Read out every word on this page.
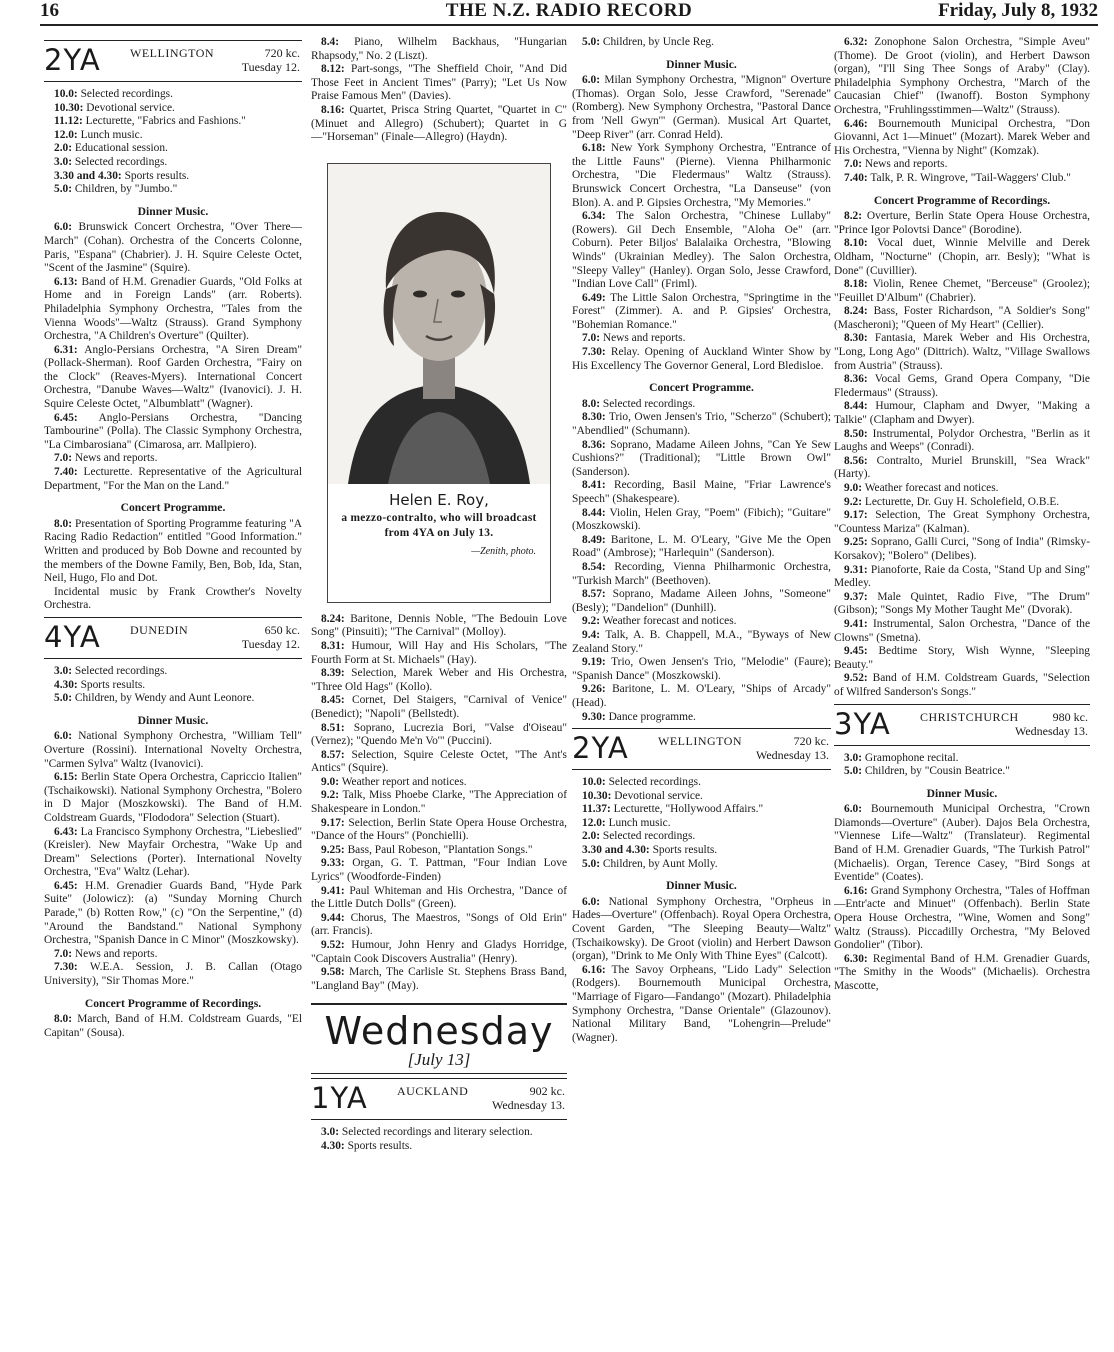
16	THE N.Z. RADIO RECORD	Friday, July 8, 1932
2YA WELLINGTON	720 kc.
Tuesday 12.

10.0: Selected recordings.

10.30: Devotional service.

11.12: Lecturette, "Fabrics and Fashions."

12.0: Lunch music.

2.0: Educational session.

3.0: Selected recordings.

3.30 and 4.30: Sports results.

5.0: Children, by "Jumbo."

Dinner Music.

6.0: Brunswick Concert Orchestra, "Over There—March" (Cohan). Orchestra of the Concerts Colonne, Paris, "Espana" (Chabrier). J. H. Squire Celeste Octet, "Scent of the Jasmine" (Squire).

6.13: Band of H.M. Grenadier Guards, "Old Folks at Home and in Foreign Lands" (arr. Roberts). Philadelphia Symphony Orchestra, "Tales from the Vienna Woods"—Waltz (Strauss). Grand Symphony Orchestra, "A Children's Overture" (Quilter).

6.31: Anglo-Persians Orchestra, "A Siren Dream" (Pollack-Sherman). Roof Garden Orchestra, "Fairy on the Clock" (Reaves-Myers). International Concert Orchestra, "Danube Waves—Waltz" (Ivanovici). J. H. Squire Celeste Octet, "Albumblatt" (Wagner).

6.45: Anglo-Persians Orchestra, "Dancing Tambourine" (Polla). The Classic Symphony Orchestra, "La Cimbarosiana" (Cimarosa, arr. Mallpiero).

7.0: News and reports.

7.40: Lecturette. Representative of the Agricultural Department, "For the Man on the Land."

Concert Programme.

8.0: Presentation of Sporting Programme featuring "A Racing Radio Redaction" entitled "Good Information." Written and produced by Bob Downe and recounted by the members of the Downe Family, Ben, Bob, Ida, Stan, Neil, Hugo, Flo and Dot.

Incidental music by Frank Crowther's Novelty Orchestra.

4YA DUNEDIN	650 kc.
Tuesday 12.

3.0: Selected recordings.

4.30: Sports results.

5.0: Children, by Wendy and Aunt Leonore.

Dinner Music.

6.0: National Symphony Orchestra, "William Tell" Overture (Rossini). International Novelty Orchestra, "Carmen Sylva" Waltz (Ivanovici).

6.15: Berlin State Opera Orchestra, Capriccio Italien" (Tschaikowski). National Symphony Orchestra, "Bolero in D Major (Moszkowski). The Band of H.M. Coldstream Guards, "Flododora" Selection (Stuart).

6.43: La Francisco Symphony Orchestra, "Liebeslied" (Kreisler). New Mayfair Orchestra, "Wake Up and Dream" Selections (Porter). International Novelty Orchestra, "Eva" Waltz (Lehar).

6.45: H.M. Grenadier Guards Band, "Hyde Park Suite" (Jolowicz): (a) "Sunday Morning Church Parade," (b) Rotten Row," (c) "On the Serpentine," (d) "Around the Bandstand." National Symphony Orchestra, "Spanish Dance in C Minor" (Moszkowsky).

7.0: News and reports.

7.30: W.E.A. Session, J. B. Callan (Otago University), "Sir Thomas More."

Concert Programme of Recordings.

8.0: March, Band of H.M. Coldstream Guards, "El Capitan" (Sousa).

8.4: Piano, Wilhelm Backhaus, "Hungarian Rhapsody," No. 2 (Liszt).

8.12: Part-songs, "The Sheffield Choir, "And Did Those Feet in Ancient Times" (Parry); "Let Us Now Praise Famous Men" (Davies).

8.16: Quartet, Prisca String Quartet, "Quartet in C" (Minuet and Allegro) (Schubert); Quartet in G—"Horseman" (Finale—Allegro) (Haydn).

Helen E. Roy,
a mezzo-contralto, who will broadcast from 4YA on July 13.
—Zenith, photo.

8.24: Baritone, Dennis Noble, "The Bedouin Love Song" (Pinsuiti); "The Carnival" (Molloy).

8.31: Humour, Will Hay and His Scholars, "The Fourth Form at St. Michaels" (Hay).

8.39: Selection, Marek Weber and His Orchestra, "Three Old Hags" (Kollo).

8.45: Cornet, Del Staigers, "Carnival of Venice" (Benedict); "Napoli" (Bellstedt).

8.51: Soprano, Lucrezia Bori, "Valse d'Oiseau" (Vernez); "Quendo Me'n Vo'" (Puccini).

8.57: Selection, Squire Celeste Octet, "The Ant's Antics" (Squire).

9.0: Weather report and notices.

9.2: Talk, Miss Phoebe Clarke, "The Appreciation of Shakespeare in London."

9.17: Selection, Berlin State Opera House Orchestra, "Dance of the Hours" (Ponchielli).

9.25: Bass, Paul Robeson, "Plantation Songs."

9.33: Organ, G. T. Pattman, "Four Indian Love Lyrics" (Woodforde-Finden)

9.41: Paul Whiteman and His Orchestra, "Dance of the Little Dutch Dolls" (Green).

9.44: Chorus, The Maestros, "Songs of Old Erin" (arr. Francis).

9.52: Humour, John Henry and Gladys Horridge, "Captain Cook Discovers Australia" (Henry).

9.58: March, The Carlisle St. Stephens Brass Band, "Langland Bay" (May).

Wednesday
[July 13]
1YA AUCKLAND	902 kc.
Wednesday 13.

3.0: Selected recordings and literary selection.

4.30: Sports results.

5.0: Children, by Uncle Reg.

Dinner Music.

6.0: Milan Symphony Orchestra, "Mignon" Overture (Thomas). Organ Solo, Jesse Crawford, "Serenade" (Romberg). New Symphony Orchestra, "Pastoral Dance from 'Nell Gwyn'" (German). Musical Art Quartet, "Deep River" (arr. Conrad Held).

6.18: New York Symphony Orchestra, "Entrance of the Little Fauns" (Pierne). Vienna Philharmonic Orchestra, "Die Fledermaus" Waltz (Strauss). Brunswick Concert Orchestra, "La Danseuse" (von Blon). A. and P. Gipsies Orchestra, "My Memories."

6.34: The Salon Orchestra, "Chinese Lullaby" (Rowers). Gil Dech Ensemble, "Aloha Oe" (arr. Coburn). Peter Biljos' Balalaika Orchestra, "Blowing Winds" (Ukrainian Medley). The Salon Orchestra, "Sleepy Valley" (Hanley). Organ Solo, Jesse Crawford, "Indian Love Call" (Friml).

6.49: The Little Salon Orchestra, "Springtime in the Forest" (Zimmer). A. and P. Gipsies' Orchestra, "Bohemian Romance."

7.0: News and reports.

7.30: Relay. Opening of Auckland Winter Show by His Excellency The Governor General, Lord Bledisloe.

Concert Programme.

8.0: Selected recordings.

8.30: Trio, Owen Jensen's Trio, "Scherzo" (Schubert); "Abendlied" (Schumann).

8.36: Soprano, Madame Aileen Johns, "Can Ye Sew Cushions?" (Traditional); "Little Brown Owl" (Sanderson).

8.41: Recording, Basil Maine, "Friar Lawrence's Speech" (Shakespeare).

8.44: Violin, Helen Gray, "Poem" (Fibich); "Guitare" (Moszkowski).

8.49: Baritone, L. M. O'Leary, "Give Me the Open Road" (Ambrose); "Harlequin" (Sanderson).

8.54: Recording, Vienna Philharmonic Orchestra, "Turkish March" (Beethoven).

8.57: Soprano, Madame Aileen Johns, "Someone" (Besly); "Dandelion" (Dunhill).

9.2: Weather forecast and notices.

9.4: Talk, A. B. Chappell, M.A., "Byways of New Zealand Story."

9.19: Trio, Owen Jensen's Trio, "Melodie" (Faure); "Spanish Dance" (Moszkowski).

9.26: Baritone, L. M. O'Leary, "Ships of Arcady" (Head).

9.30: Dance programme.

2YA WELLINGTON	720 kc.
Wednesday 13.

10.0: Selected recordings.

10.30: Devotional service.

11.37: Lecturette, "Hollywood Affairs."

12.0: Lunch music.

2.0: Selected recordings.

3.30 and 4.30: Sports results.

5.0: Children, by Aunt Molly.

Dinner Music.

6.0: National Symphony Orchestra, "Orpheus in Hades—Overture" (Offenbach). Royal Opera Orchestra, Covent Garden, "The Sleeping Beauty—Waltz" (Tschaikowsky). De Groot (violin) and Herbert Dawson (organ), "Drink to Me Only With Thine Eyes" (Calcott).

6.16: The Savoy Orpheans, "Lido Lady" Selection (Rodgers). Bournemouth Municipal Orchestra, "Marriage of Figaro—Fandango" (Mozart). Philadelphia Symphony Orchestra, "Danse Orientale" (Glazounov). National Military Band, "Lohengrin—Prelude" (Wagner).

6.32: Zonophone Salon Orchestra, "Simple Aveu" (Thome). De Groot (violin), and Herbert Dawson (organ), "I'll Sing Thee Songs of Araby" (Clay). Philadelphia Symphony Orchestra, "March of the Caucasian Chief" (Iwanoff). Boston Symphony Orchestra, "Fruhlingsstimmen—Waltz" (Strauss).

6.46: Bournemouth Municipal Orchestra, "Don Giovanni, Act 1—Minuet" (Mozart). Marek Weber and His Orchestra, "Vienna by Night" (Komzak).

7.0: News and reports.

7.40: Talk, P. R. Wingrove, "Tail-Waggers' Club."

Concert Programme of Recordings.

8.2: Overture, Berlin State Opera House Orchestra, "Prince Igor Polovtsi Dance" (Borodine).

8.10: Vocal duet, Winnie Melville and Derek Oldham, "Nocturne" (Chopin, arr. Besly); "What is Done" (Cuvillier).

8.18: Violin, Renee Chemet, "Berceuse" (Groolez); "Feuillet D'Album" (Chabrier).

8.24: Bass, Foster Richardson, "A Soldier's Song" (Mascheroni); "Queen of My Heart" (Cellier).

8.30: Fantasia, Marek Weber and His Orchestra, "Long, Long Ago" (Dittrich). Waltz, "Village Swallows from Austria" (Strauss).

8.36: Vocal Gems, Grand Opera Company, "Die Fledermaus" (Strauss).

8.44: Humour, Clapham and Dwyer, "Making a Talkie" (Clapham and Dwyer).

8.50: Instrumental, Polydor Orchestra, "Berlin as it Laughs and Weeps" (Conradi).

8.56: Contralto, Muriel Brunskill, "Sea Wrack" (Harty).

9.0: Weather forecast and notices.

9.2: Lecturette, Dr. Guy H. Scholefield, O.B.E.

9.17: Selection, The Great Symphony Orchestra, "Countess Mariza" (Kalman).

9.25: Soprano, Galli Curci, "Song of India" (Rimsky-Korsakov); "Bolero" (Delibes).

9.31: Pianoforte, Raie da Costa, "Stand Up and Sing" Medley.

9.37: Male Quintet, Radio Five, "The Drum" (Gibson); "Songs My Mother Taught Me" (Dvorak).

9.41: Instrumental, Salon Orchestra, "Dance of the Clowns" (Smetna).

9.45: Bedtime Story, Wish Wynne, "Sleeping Beauty."

9.52: Band of H.M. Coldstream Guards, "Selection of Wilfred Sanderson's Songs."

3YA CHRISTCHURCH	980 kc.
Wednesday 13.

3.0: Gramophone recital.

5.0: Children, by "Cousin Beatrice."

Dinner Music.

6.0: Bournemouth Municipal Orchestra, "Crown Diamonds—Overture" (Auber). Dajos Bela Orchestra, "Viennese Life—Waltz" (Translateur). Regimental Band of H.M. Grenadier Guards, "The Turkish Patrol" (Michaelis). Organ, Terence Casey, "Bird Songs at Eventide" (Coates).

6.16: Grand Symphony Orchestra, "Tales of Hoffman—Entr'acte and Minuet" (Offenbach). Berlin State Opera House Orchestra, "Wine, Women and Song" Waltz (Strauss). Piccadilly Orchestra, "My Beloved Gondolier" (Tibor).

6.30: Regimental Band of H.M. Grenadier Guards, "The Smithy in the Woods" (Michaelis). Orchestra Mascotte,
